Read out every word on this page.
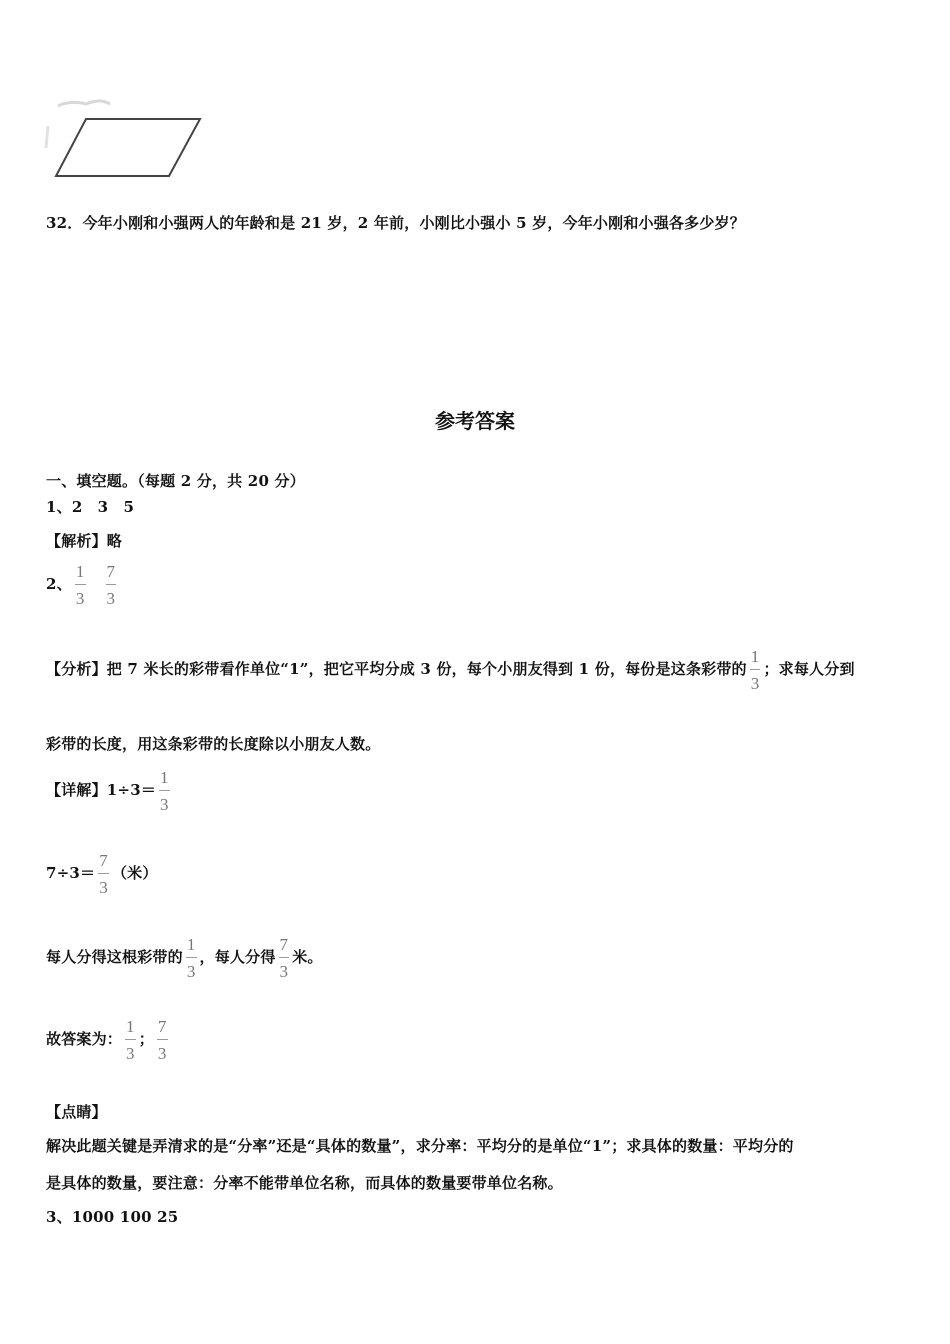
32．今年小刚和小强两人的年龄和是 21 岁，2 年前，小刚比小强小 5 岁，今年小刚和小强各多少岁？
参考答案
一、填空题。（每题 2 分，共 20 分）
1、2　3　5
【解析】略
2、 $\frac{1}{3} \frac{7}{3}$
【分析】把 7 米长的彩带看作单位“1”，把它平均分成 3 份，每个小朋友得到 1 份，每份是这条彩带的 $\frac{1}{3}$ ；求每人分到
彩带的长度，用这条彩带的长度除以小朋友人数。
【详解】$1\div 3= \frac{1}{3}$
$7\div 3= \frac{7}{3}$ （米）
每人分得这根彩带的 $\frac{1}{3}$ ，每人分得 $\frac{7}{3}$ 米。
故答案为： $\frac{1}{3}$ ； $\frac{7}{3}$
【点睛】
解决此题关键是弄清求的是“分率”还是“具体的数量”，求分率：平均分的是单位“1”；求具体的数量：平均分的
是具体的数量，要注意：分率不能带单位名称，而具体的数量要带单位名称。
3、1000 100 25
